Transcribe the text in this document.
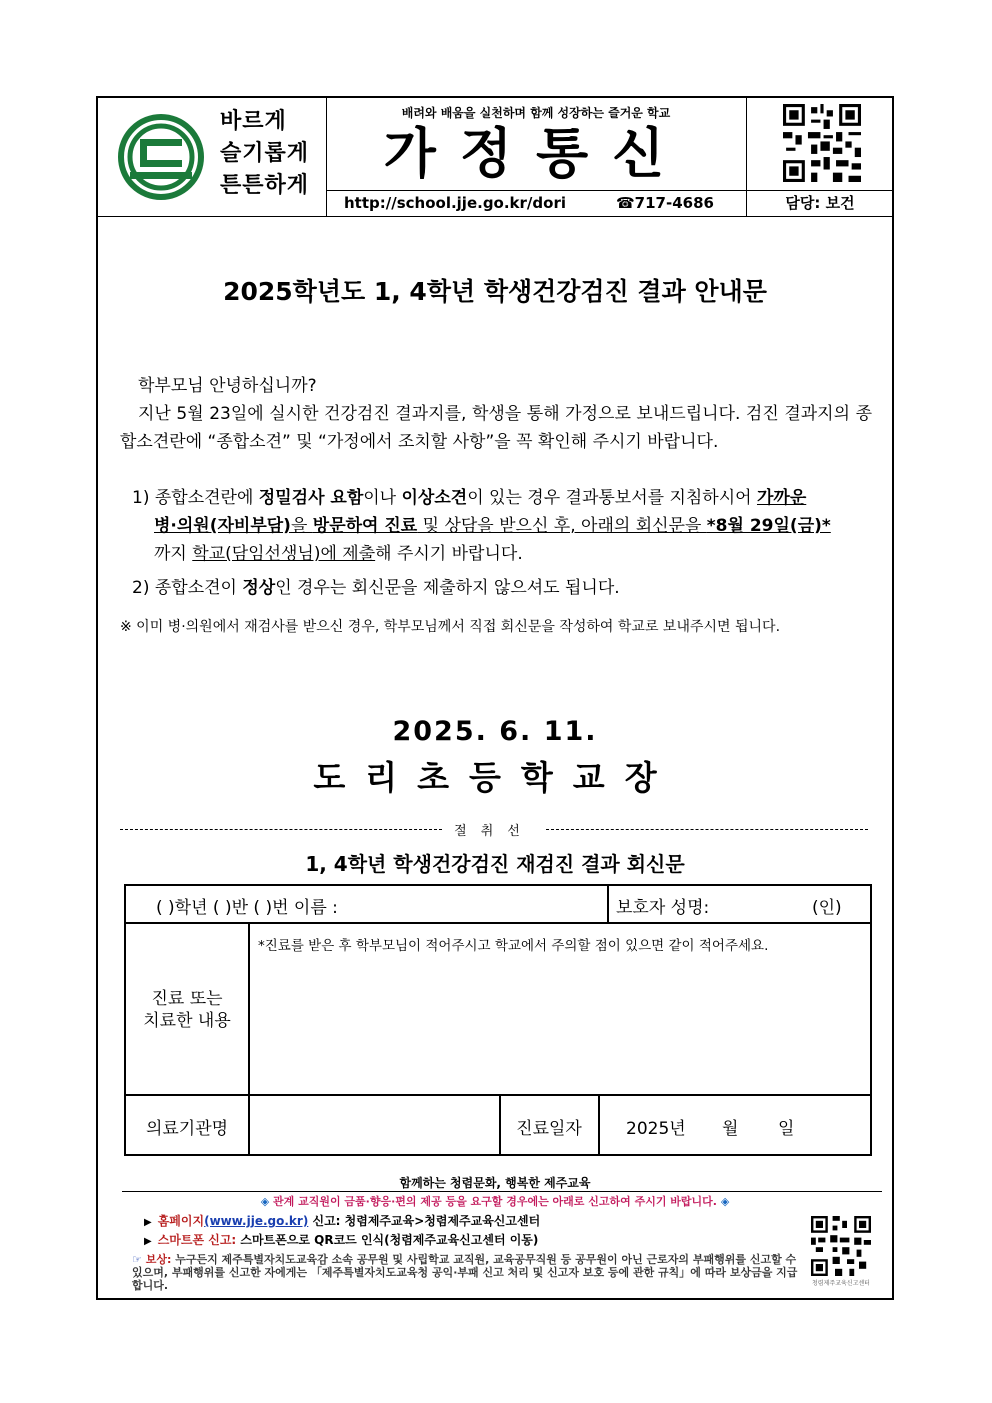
바르게
슬기롭게
튼튼하게
배려와 배움을 실천하며 함께 성장하는 즐거운 학교
가정통신
http://school.jje.go.kr/dori	☎717-4686	담당: 보건
2025학년도 1, 4학년 학생건강검진 결과 안내문
학부모님 안녕하십니까?
지난 5월 23일에 실시한 건강검진 결과지를, 학생을 통해 가정으로 보내드립니다. 검진 결과지의 종합소견란에 “종합소견” 및 “가정에서 조치할 사항”을 꼭 확인해 주시기 바랍니다.
1) 종합소견란에 정밀검사 요함이나 이상소견이 있는 경우 결과통보서를 지침하시어 가까운
병·의원(자비부담)을 방문하여 진료 및 상담을 받으신 후, 아래의 회신문을 *8월 29일(금)*
까지 학교(담임선생님)에 제출해 주시기 바랍니다.
2) 종합소견이 정상인 경우는 회신문을 제출하지 않으셔도 됩니다.
※ 이미 병·의원에서 재검사를 받으신 경우, 학부모님께서 직접 회신문을 작성하여 학교로 보내주시면 됩니다.
2025. 6. 11.
도리초등학교장
절취선
1, 4학년 학생건강검진 재검진 결과 회신문
( )학년 ( )반 ( )번 이름 :	보호자 성명:	(인)
진료 또는
치료한 내용
*진료를 받은 후 학부모님이 적어주시고 학교에서 주의할 점이 있으면 같이 적어주세요.
의료기관명	진료일자	2025년 월 일
함께하는 청렴문화, 행복한 제주교육
◈ 관계 교직원이 금품·향응·편의 제공 등을 요구할 경우에는 아래로 신고하여 주시기 바랍니다. ◈
▶ 홈페이지(www.jje.go.kr) 신고: 청렴제주교육>청렴제주교육신고센터
▶ 스마트폰 신고: 스마트폰으로 QR코드 인식(청렴제주교육신고센터 이동)
☞ 보상: 누구든지 제주특별자치도교육감 소속 공무원 및 사립학교 교직원, 교육공무직원 등 공무원이 아닌 근로자의 부패행위를 신고할 수 있으며, 부패행위를 신고한 자에게는 「제주특별자치도교육청 공익·부패 신고 처리 및 신고자 보호 등에 관한 규칙」에 따라 보상금을 지급합니다.	청렴제주교육신고센터
